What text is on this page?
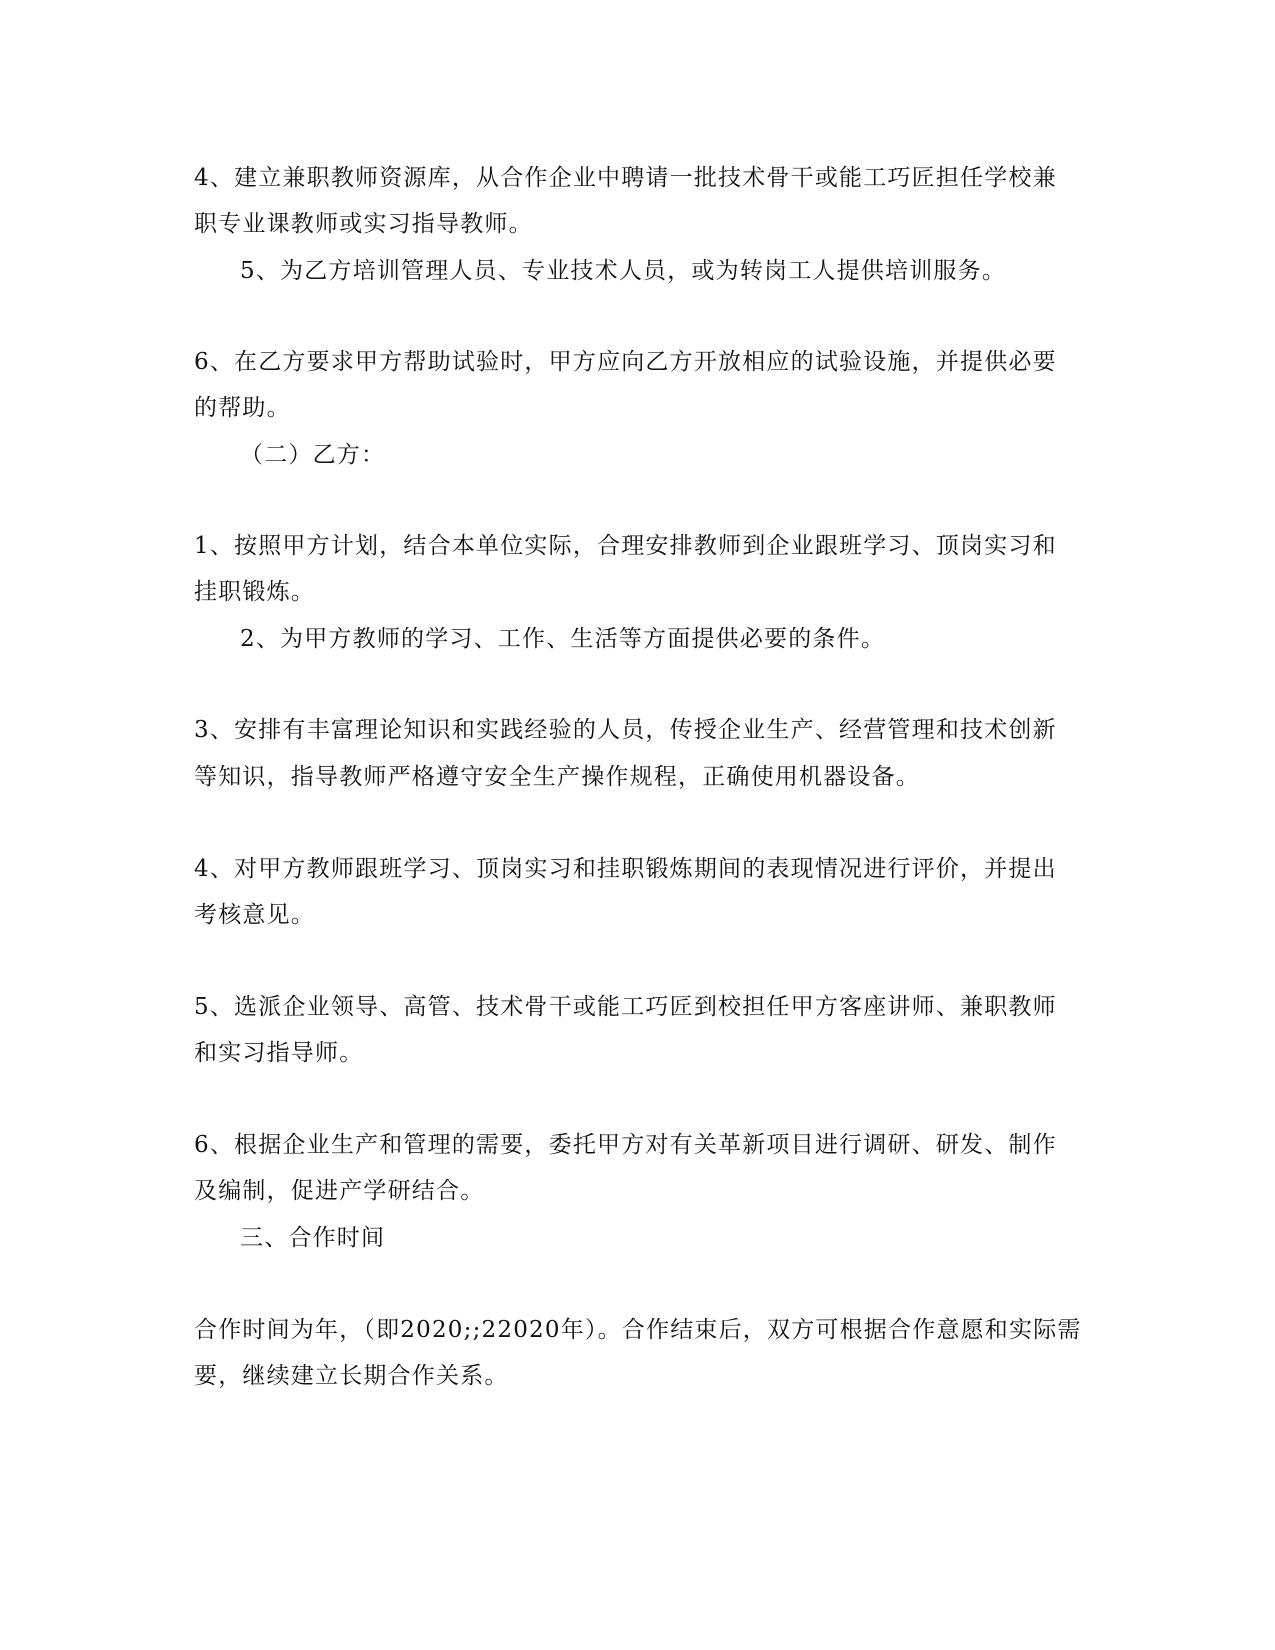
4、建立兼职教师资源库，从合作企业中聘请一批技术骨干或能工巧匠担任学校兼

职专业课教师或实习指导教师。

5、为乙方培训管理人员、专业技术人员，或为转岗工人提供培训服务。

6、在乙方要求甲方帮助试验时，甲方应向乙方开放相应的试验设施，并提供必要

的帮助。

（二）乙方：

1、按照甲方计划，结合本单位实际，合理安排教师到企业跟班学习、顶岗实习和

挂职锻炼。

2、为甲方教师的学习、工作、生活等方面提供必要的条件。

3、安排有丰富理论知识和实践经验的人员，传授企业生产、经营管理和技术创新

等知识，指导教师严格遵守安全生产操作规程，正确使用机器设备。

4、对甲方教师跟班学习、顶岗实习和挂职锻炼期间的表现情况进行评价，并提出

考核意见。

5、选派企业领导、高管、技术骨干或能工巧匠到校担任甲方客座讲师、兼职教师

和实习指导师。

6、根据企业生产和管理的需要，委托甲方对有关革新项目进行调研、研发、制作

及编制，促进产学研结合。

三、合作时间

合作时间为年，（即2020;;22020年）。合作结束后，双方可根据合作意愿和实际需

要，继续建立长期合作关系。
